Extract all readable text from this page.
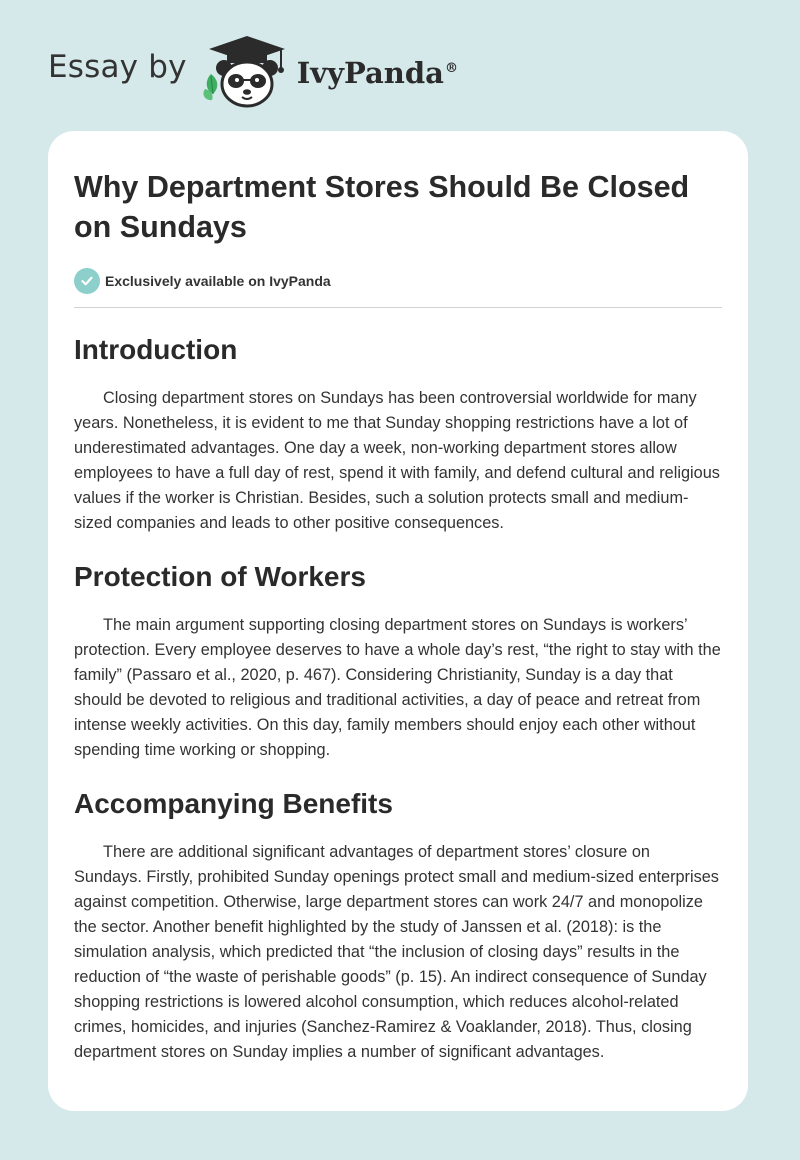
Essay by	IvyPanda®
Why Department Stores Should Be Closed on Sundays
Exclusively available on IvyPanda
Introduction

Closing department stores on Sundays has been controversial worldwide for many years. Nonetheless, it is evident to me that Sunday shopping restrictions have a lot of underestimated advantages. One day a week, non-working department stores allow employees to have a full day of rest, spend it with family, and defend cultural and religious values if the worker is Christian. Besides, such a solution protects small and medium-sized companies and leads to other positive consequences.

Protection of Workers

The main argument supporting closing department stores on Sundays is workers’ protection. Every employee deserves to have a whole day’s rest, “the right to stay with the family” (Passaro et al., 2020, p. 467). Considering Christianity, Sunday is a day that should be devoted to religious and traditional activities, a day of peace and retreat from intense weekly activities. On this day, family members should enjoy each other without spending time working or shopping.

Accompanying Benefits

There are additional significant advantages of department stores’ closure on Sundays. Firstly, prohibited Sunday openings protect small and medium-sized enterprises against competition. Otherwise, large department stores can work 24/7 and monopolize the sector. Another benefit highlighted by the study of Janssen et al. (2018): is the simulation analysis, which predicted that “the inclusion of closing days” results in the reduction of “the waste of perishable goods” (p. 15). An indirect consequence of Sunday shopping restrictions is lowered alcohol consumption, which reduces alcohol-related crimes, homicides, and injuries (Sanchez-Ramirez & Voaklander, 2018). Thus, closing department stores on Sunday implies a number of significant advantages.
